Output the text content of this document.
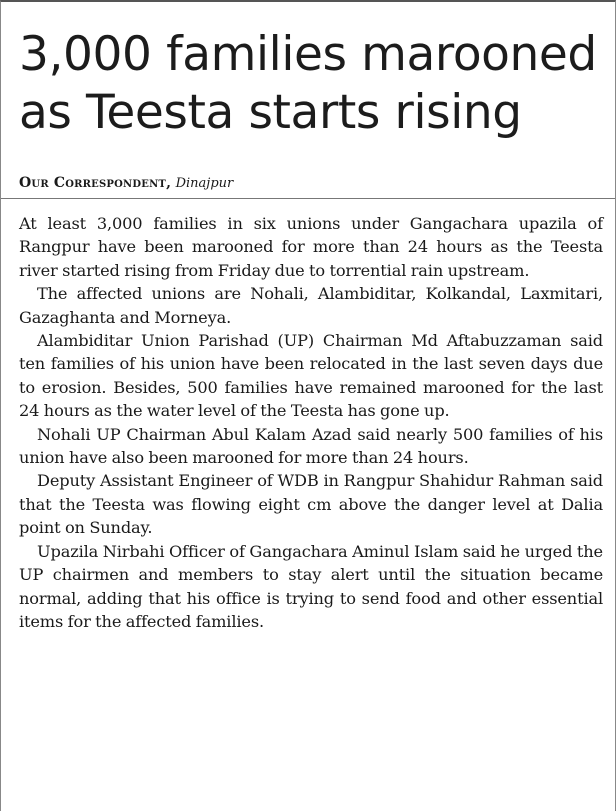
3,000 families marooned
as Teesta starts rising
Our Correspondent, Dinajpur

At least 3,000 families in six unions under Gangachara upazila of Rangpur have been marooned for more than 24 hours as the Teesta river started rising from Friday due to torrential rain upstream.

The affected unions are Nohali, Alambiditar, Kolkandal, Laxmitari, Gazaghanta and Morneya.

Alambiditar Union Parishad (UP) Chairman Md Aftabuzzaman said ten families of his union have been relocated in the last seven days due to erosion. Besides, 500 families have remained marooned for the last 24 hours as the water level of the Teesta has gone up.

Nohali UP Chairman Abul Kalam Azad said nearly 500 families of his union have also been marooned for more than 24 hours.

Deputy Assistant Engineer of WDB in Rangpur Shahidur Rahman said that the Teesta was flowing eight cm above the danger level at Dalia point on Sunday.

Upazila Nirbahi Officer of Gangachara Aminul Islam said he urged the UP chairmen and members to stay alert until the situation became normal, adding that his office is trying to send food and other essential items for the affected families.
